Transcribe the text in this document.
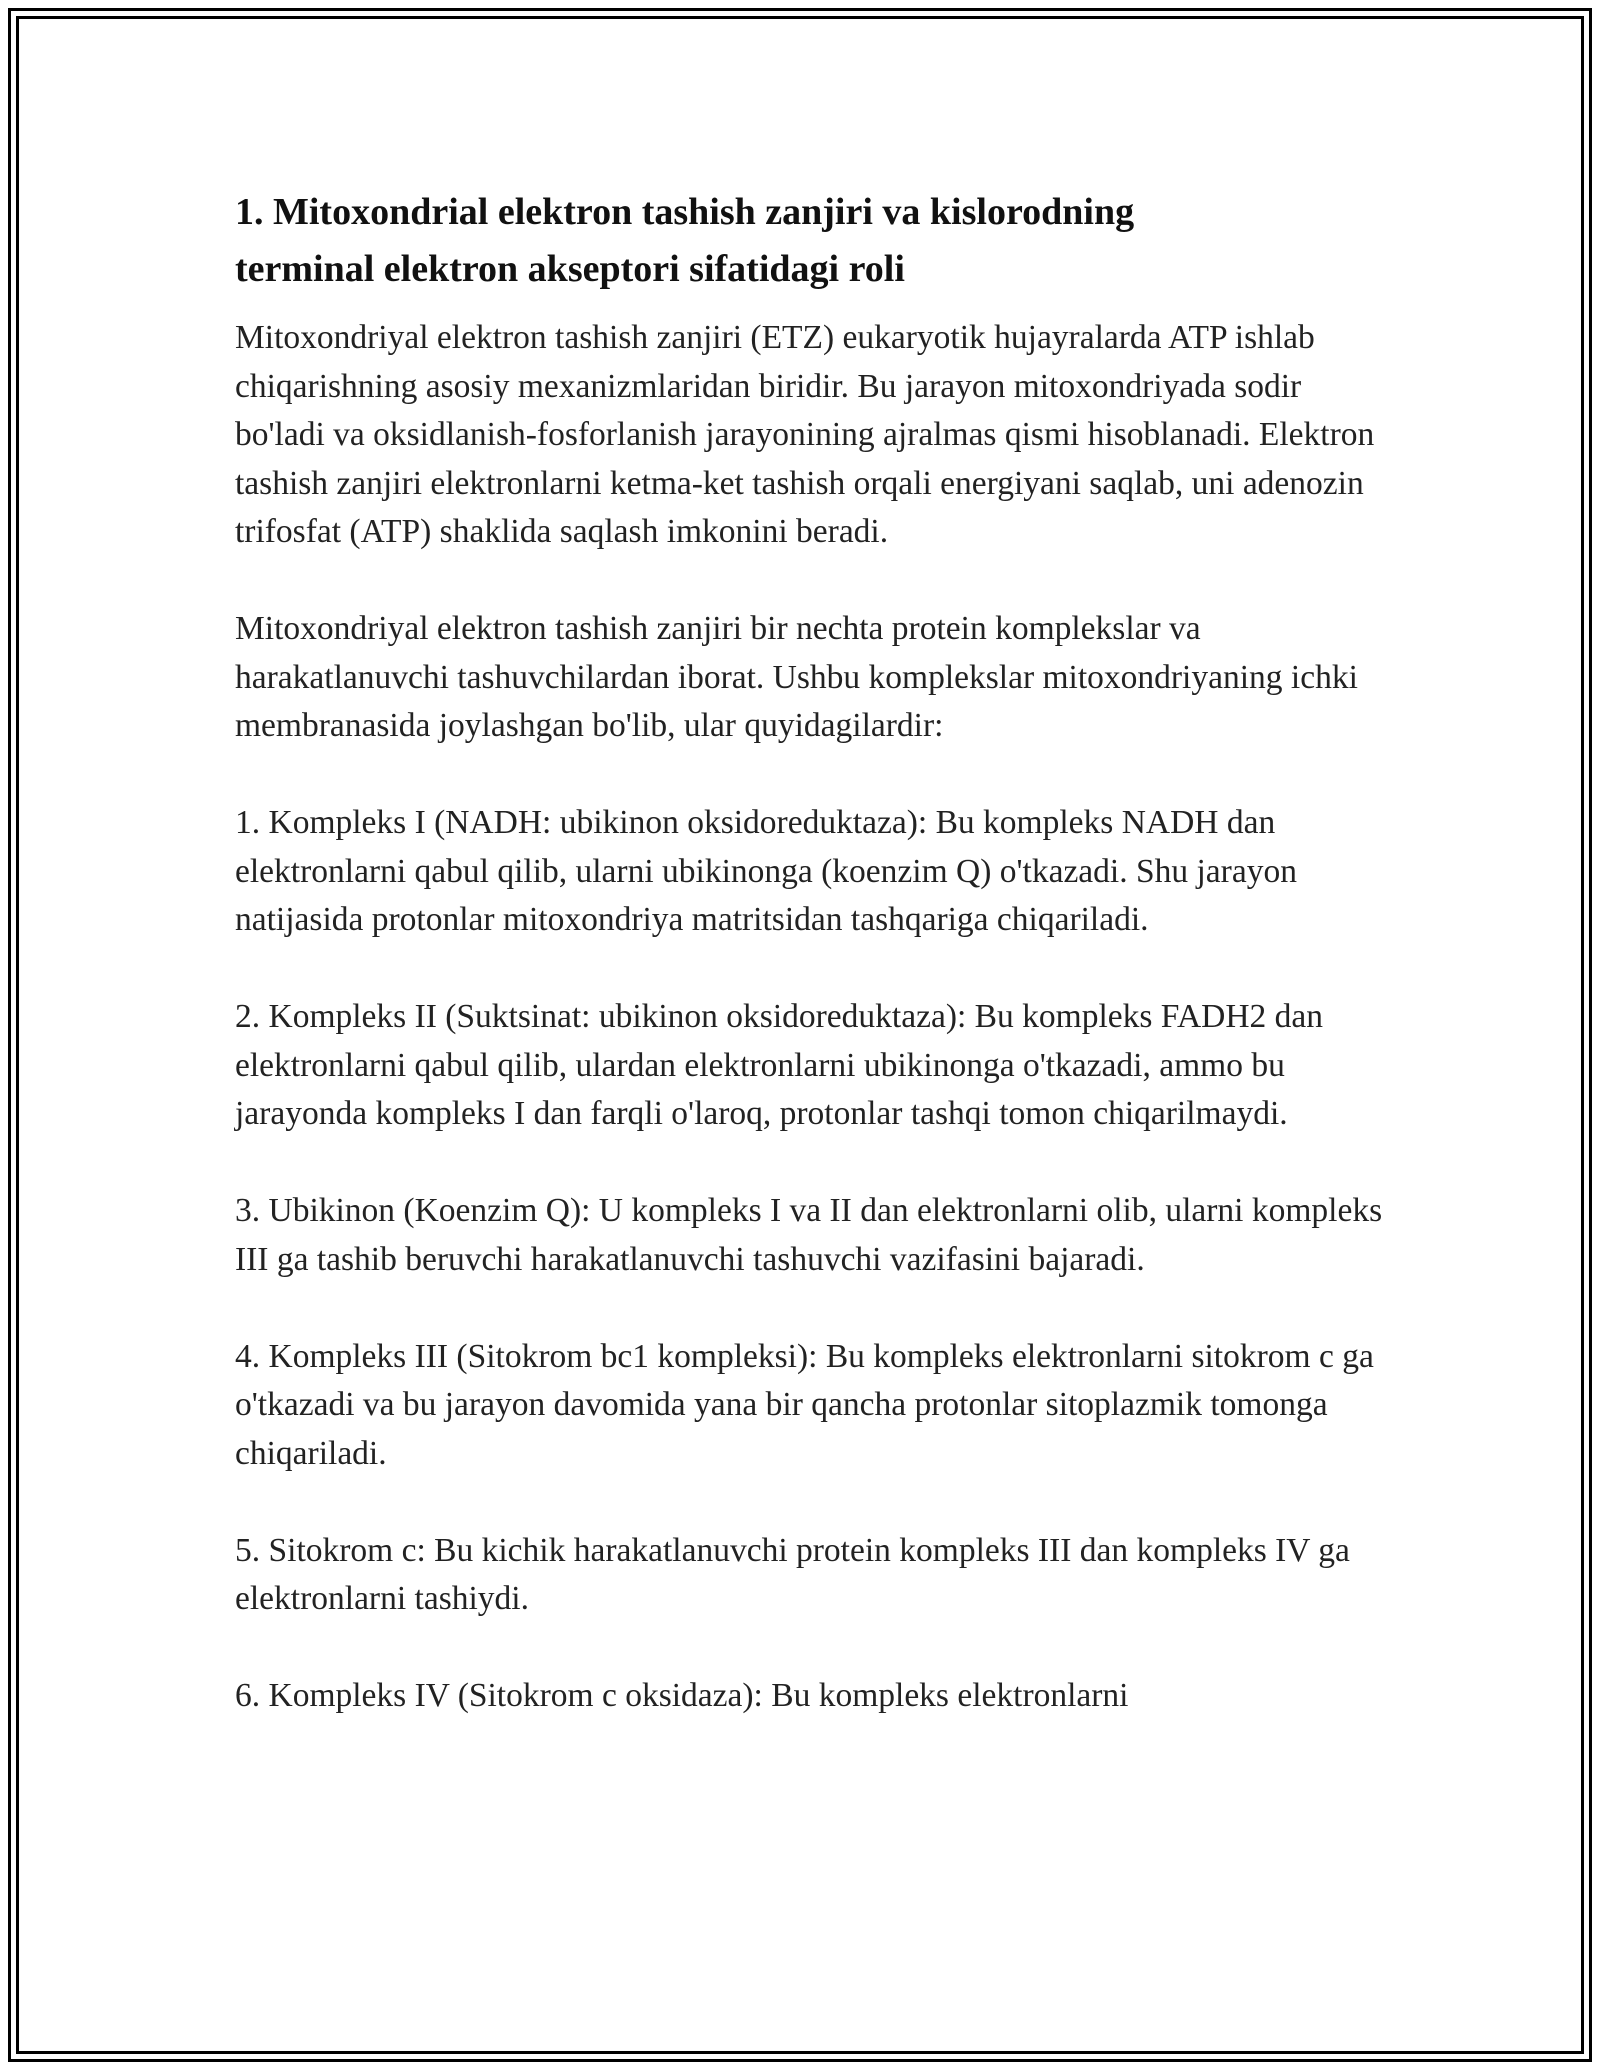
1. Mitoxondrial elektron tashish zanjiri va kislorodning
terminal elektron akseptori sifatidagi roli

Mitoxondriyal elektron tashish zanjiri (ETZ) eukaryotik hujayralarda ATP ishlab chiqarishning asosiy mexanizmlaridan biridir. Bu jarayon mitoxondriyada sodir bo'ladi va oksidlanish-fosforlanish jarayonining ajralmas qismi hisoblanadi. Elektron tashish zanjiri elektronlarni ketma-ket tashish orqali energiyani saqlab, uni adenozin trifosfat (ATP) shaklida saqlash imkonini beradi.

Mitoxondriyal elektron tashish zanjiri bir nechta protein komplekslar va harakatlanuvchi tashuvchilardan iborat. Ushbu komplekslar mitoxondriyaning ichki membranasida joylashgan bo'lib, ular quyidagilardir:

1. Kompleks I (NADH: ubikinon oksidoreduktaza): Bu kompleks NADH dan elektronlarni qabul qilib, ularni ubikinonga (koenzim Q) o'tkazadi. Shu jarayon natijasida protonlar mitoxondriya matritsidan tashqariga chiqariladi.

2. Kompleks II (Suktsinat: ubikinon oksidoreduktaza): Bu kompleks FADH2 dan elektronlarni qabul qilib, ulardan elektronlarni ubikinonga o'tkazadi, ammo bu jarayonda kompleks I dan farqli o'laroq, protonlar tashqi tomon chiqarilmaydi.

3. Ubikinon (Koenzim Q): U kompleks I va II dan elektronlarni olib, ularni kompleks III ga tashib beruvchi harakatlanuvchi tashuvchi vazifasini bajaradi.

4. Kompleks III (Sitokrom bc1 kompleksi): Bu kompleks elektronlarni sitokrom c ga o'tkazadi va bu jarayon davomida yana bir qancha protonlar sitoplazmik tomonga chiqariladi.

5. Sitokrom c: Bu kichik harakatlanuvchi protein kompleks III dan kompleks IV ga elektronlarni tashiydi.

6. Kompleks IV (Sitokrom c oksidaza): Bu kompleks elektronlarni
